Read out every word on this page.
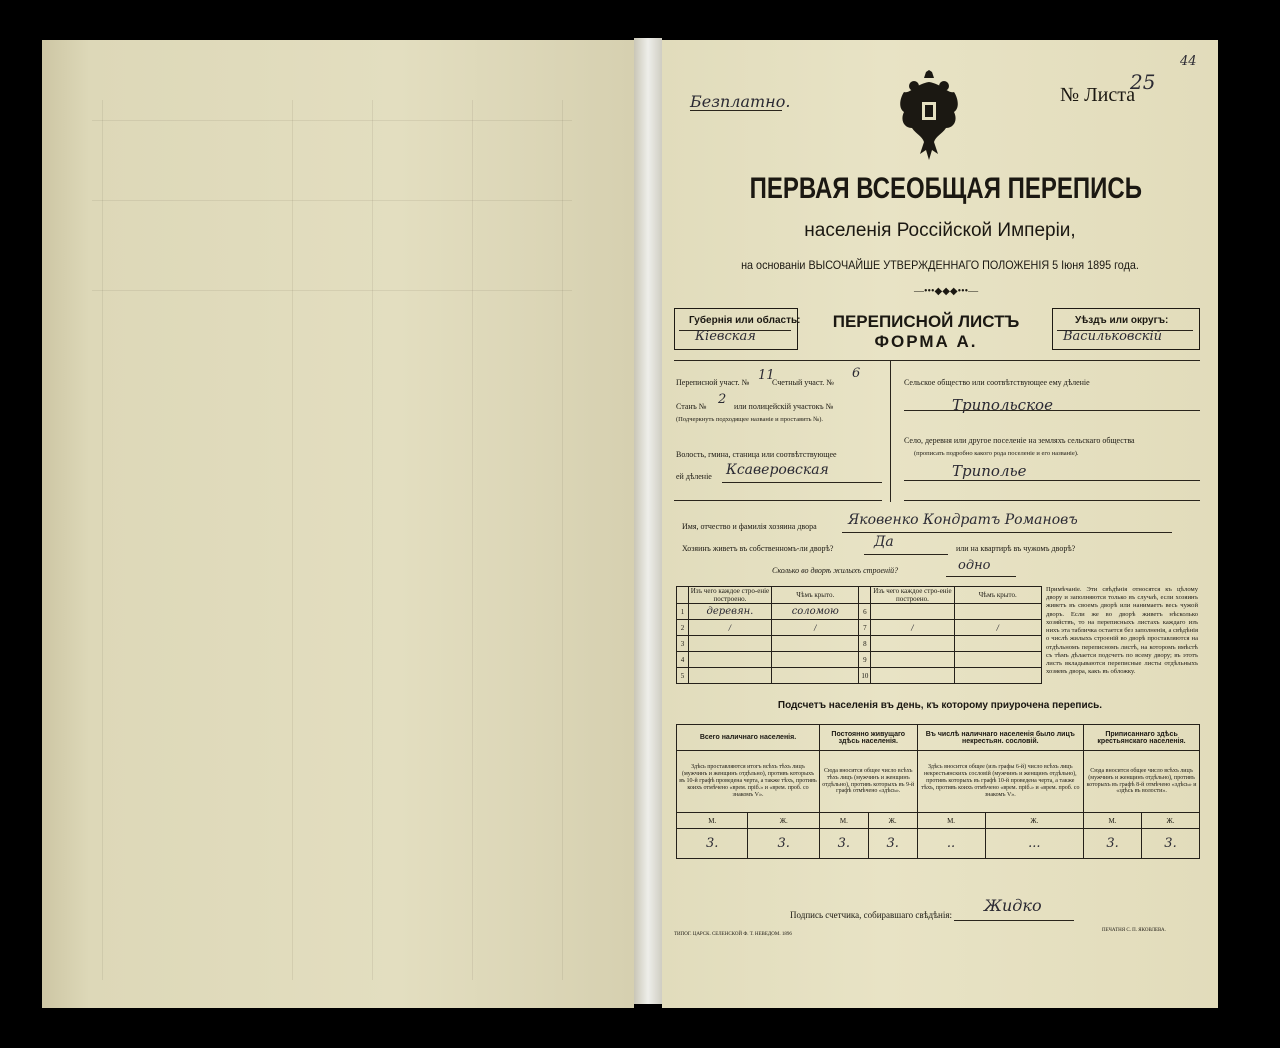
Безплатно.	№ Листа
25
44
ПЕРВАЯ ВСЕОБЩАЯ ПЕРЕПИСЬ
населенія Россійской Имперіи,
на основаніи ВЫСОЧАЙШЕ УТВЕРЖДЕННАГО ПОЛОЖЕНІЯ 5 Іюня 1895 года.
—•••◆◆◆•••—
Губернія или область:
Кіевская
ПЕРЕПИСНОЙ ЛИСТЪ
ФОРМА А.
Уѣздъ или округъ:
Васильковскій
Переписной участ. № 11
Счетный участ. №
6
Станъ № 2 или полицейскій участокъ №
(Подчеркнуть подходящее названіе и проставить №).
Волость, гмина, станица или соотвѣтствующее
ей дѣленіе Ксаверовская
Сельское общество или соотвѣтствующее ему дѣленіе
Трипольское
Село, деревня или другое поселеніе на земляхъ сельскаго общества
(прописать подробно какого рода поселеніе и его названіе).
Триполье
Имя, отчество и фамилія хозяина двора Яковенко Кондратъ Романовъ
Хозяинъ живетъ въ собственномъ-ли дворѣ?	Да	или на квартирѣ въ чужомъ дворѣ?
Сколько во дворѣ жилыхъ строеній?	одно
	Изъ чего каждое стро-еніе построено.	Чѣмъ крыто.		Изъ чего каждое стро-еніе построено.	Чѣмъ крыто.
1	деревян.	соломою	6		
2	/	/	7	/	/
3			8		
4			9		
5			10		
Примѣчаніе. Эти свѣдѣнія относятся къ цѣлому двору и заполняются только въ случаѣ, если хозяинъ живетъ въ своемъ дворѣ или нанимаетъ весь чужой дворъ. Если же во дворѣ живетъ нѣсколько хозяйствъ, то на переписныхъ листахъ каждаго изъ нихъ эта табличка остается без заполненія, а свѣдѣнія о числѣ жилыхъ строеній во дворѣ проставляются на отдѣльномъ переписномъ листѣ, на которомъ вмѣстѣ съ тѣмъ дѣлается подсчетъ по всему двору; въ этотъ листъ вкладываются переписные листы отдѣльныхъ хозяевъ двора, какъ въ обложку.
Подсчетъ населенія въ день, къ которому приурочена перепись.
Всего наличнаго населенія.		Постоянно живущаго здѣсь населенія.		Въ числѣ наличнаго населенія было лицъ некрестьян. сословій.		Приписаннаго здѣсь крестьянскаго населенія.	
Здѣсь проставляются итогъ всѣхъ тѣхъ лицъ (мужчинъ и женщинъ отдѣльно), противъ которыхъ въ 10-й графѣ проведена черта, а также тѣхъ, противъ коихъ отмѣчено «врем. пріб.» и «врем. проб. со знакомъ V».		Сюда вносится общее число всѣхъ тѣхъ лицъ (мужчинъ и женщинъ отдѣльно), противъ которыхъ въ 9-й графѣ отмѣчено «здѣсь».		Здѣсь вносится общее (изъ графы 6-й) число всѣхъ лицъ некрестьянскихъ сословій (мужчинъ и женщинъ отдѣльно), противъ которыхъ въ графѣ 10-й проведена черта, а также тѣхъ, противъ коихъ отмѣчено «врем. пріб.» и «врем. проб. со знакомъ V».		Сюда вносится общее число всѣхъ лицъ (мужчинъ и женщинъ отдѣльно), противъ которыхъ въ графѣ 8-й отмѣчено «здѣсь» и «здѣсь въ волости».	
М.	Ж.	М.	Ж.	М.	Ж.	М.	Ж.
3.	3.	3.	3.	..	...	3.	3.
Подпись счетчика, собиравшаго свѣдѣнія: Жидко
ТИПОГ. ЦАРСК. СЕЛЕНСКОЙ Ф. Т. НЕВЕДОМ. 1896
ПЕЧАТНЯ С. П. ЯКОВЛЕВА.
